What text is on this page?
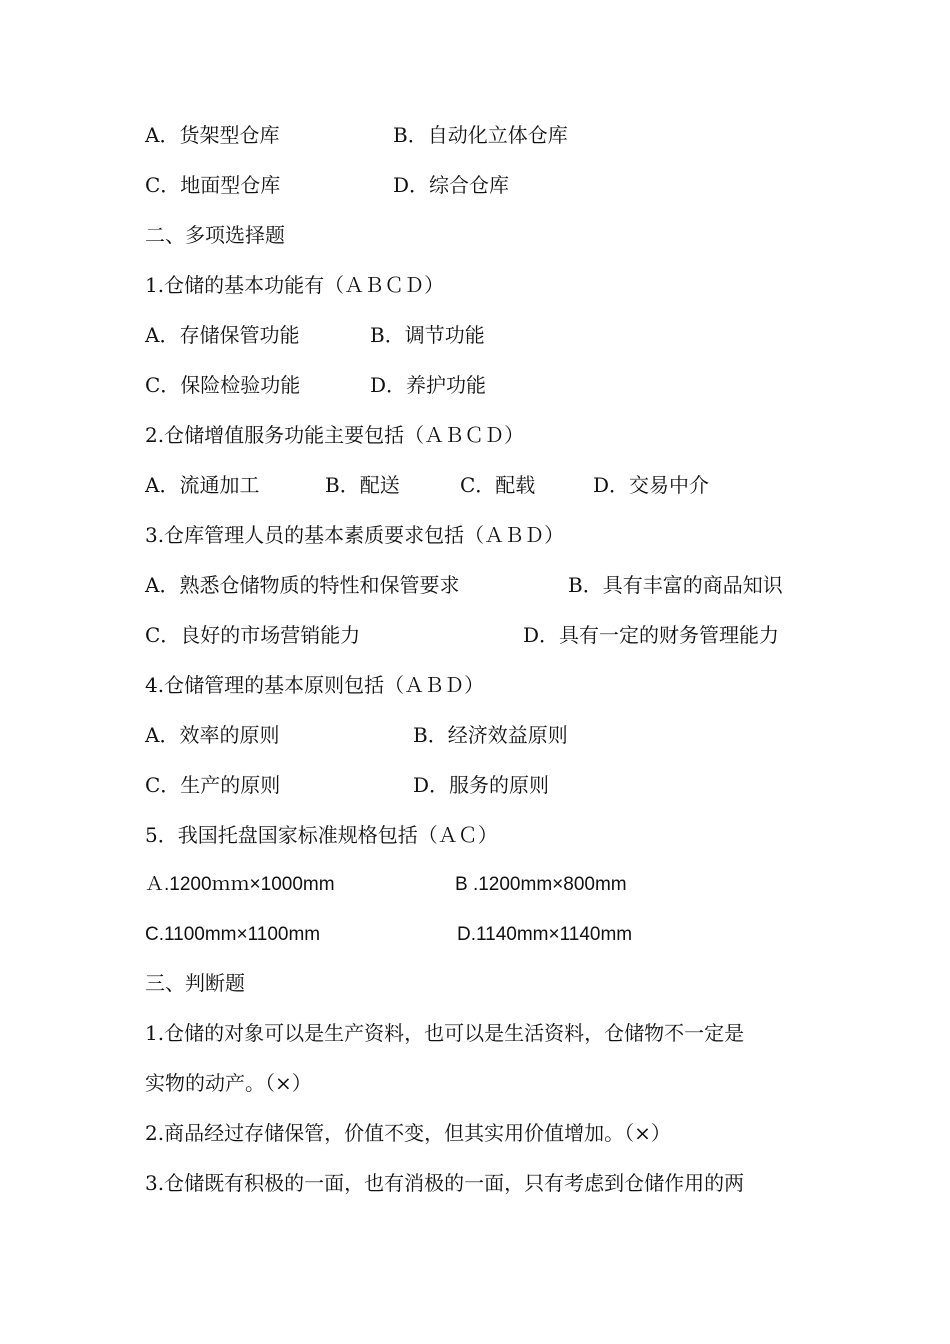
A．货架型仓库	B．自动化立体仓库
C．地面型仓库	D．综合仓库
二、多项选择题
1.仓储的基本功能有（ＡＢＣＤ）
A．存储保管功能	B．调节功能
C．保险检验功能	D．养护功能
2.仓储增值服务功能主要包括（ＡＢＣＤ）
A．流通加工	B．配送	C．配载	D．交易中介
3.仓库管理人员的基本素质要求包括（ＡＢＤ）
A．熟悉仓储物质的特性和保管要求	B．具有丰富的商品知识
C．良好的市场营销能力	D．具有一定的财务管理能力
4.仓储管理的基本原则包括（ＡＢＤ）
A．效率的原则	B．经济效益原则
C．生产的原则	D．服务的原则
5．我国托盘国家标准规格包括（ＡＣ）
Ａ.1200ｍｍ×1000mm	B .1200mm×800mm
C.1100mm×1100mm	D.1140mm×1140mm
三、判断题
1.仓储的对象可以是生产资料，也可以是生活资料，仓储物不一定是
实物的动产。（×）
2.商品经过存储保管，价值不变，但其实用价值增加。（×）
3.仓储既有积极的一面，也有消极的一面，只有考虑到仓储作用的两
